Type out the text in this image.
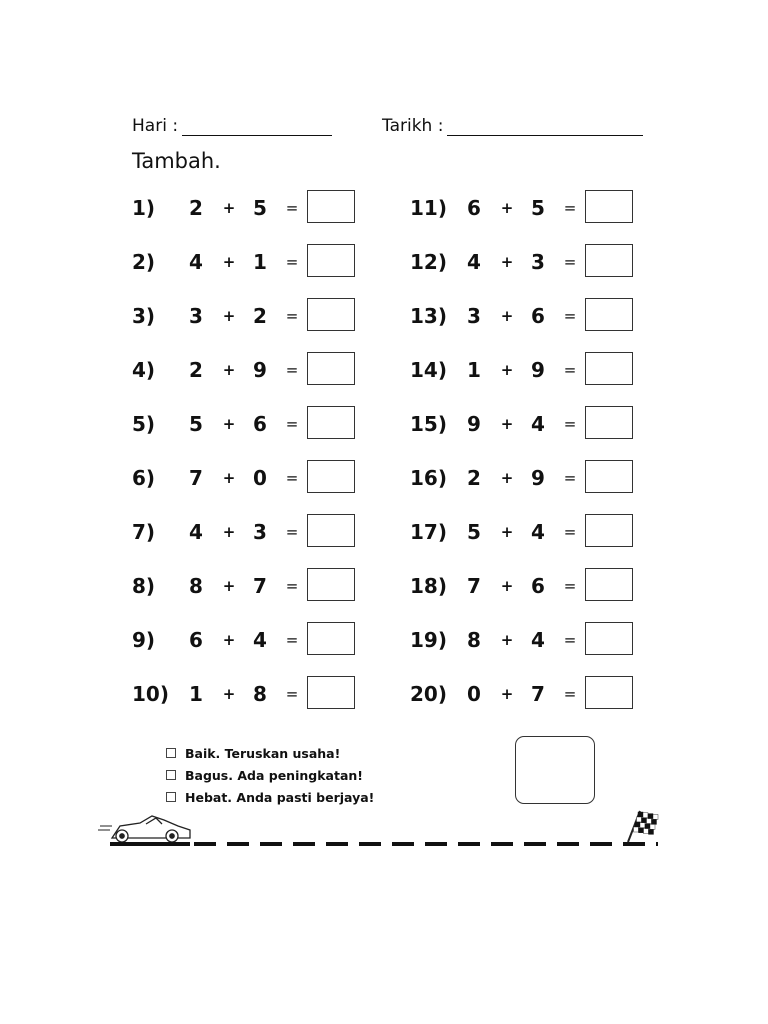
Hari :	Tarikh :
Tambah.
1) 2 + 5 =
2) 4 + 1 =
3) 3 + 2 =
4) 2 + 9 =
5) 5 + 6 =
6) 7 + 0 =
7) 4 + 3 =
8) 8 + 7 =
9) 6 + 4 =
10) 1 + 8 =
11) 6 + 5 =
12) 4 + 3 =
13) 3 + 6 =
14) 1 + 9 =
15) 9 + 4 =
16) 2 + 9 =
17) 5 + 4 =
18) 7 + 6 =
19) 8 + 4 =
20) 0 + 7 =
Baik. Teruskan usaha!
Bagus. Ada peningkatan!
Hebat. Anda pasti berjaya!
